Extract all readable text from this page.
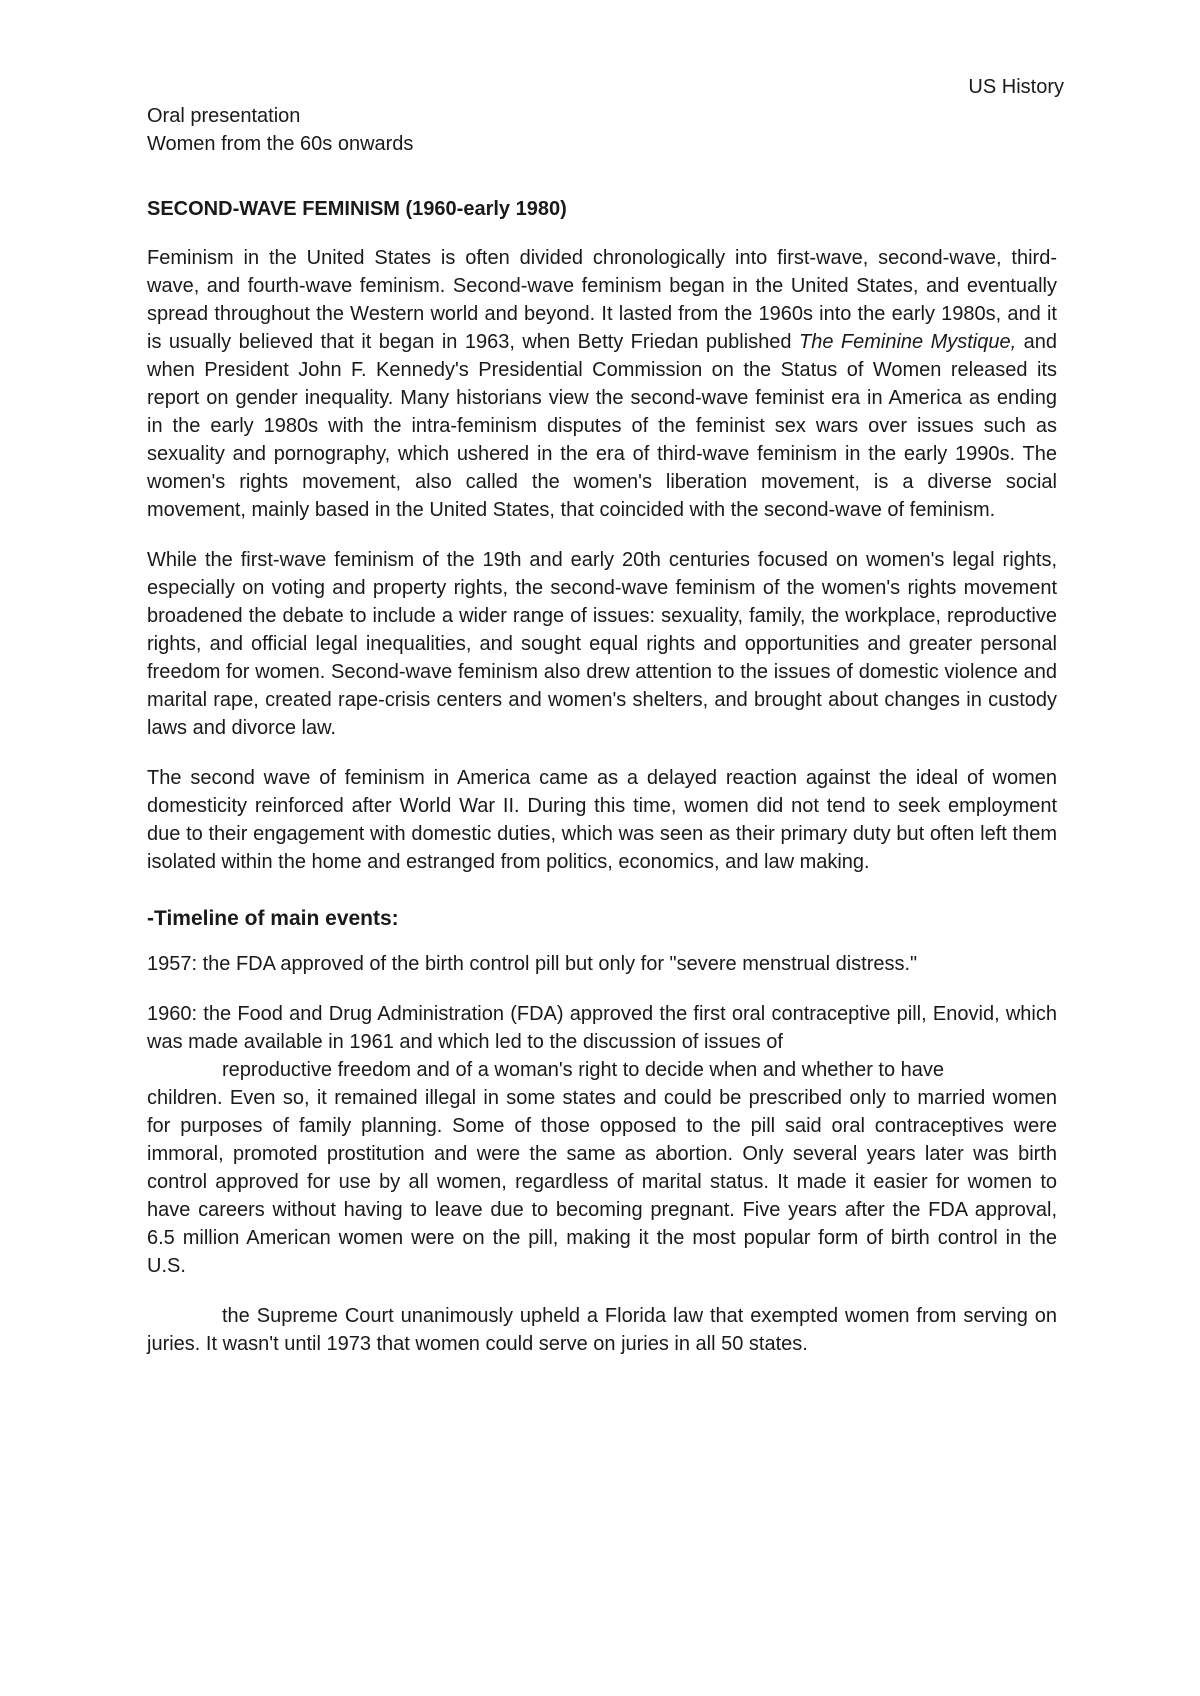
US History

Oral presentation

Women from the 60s onwards

SECOND-WAVE FEMINISM (1960-early 1980)

Feminism in the United States is often divided chronologically into first-wave, second-wave, third-wave, and fourth-wave feminism. Second-wave feminism began in the United States, and eventually spread throughout the Western world and beyond. It lasted from the 1960s into the early 1980s, and it is usually believed that it began in 1963, when Betty Friedan published The Feminine Mystique, and when President John F. Kennedy's Presidential Commission on the Status of Women released its report on gender inequality. Many historians view the second-wave feminist era in America as ending in the early 1980s with the intra-feminism disputes of the feminist sex wars over issues such as sexuality and pornography, which ushered in the era of third-wave feminism in the early 1990s. The women's rights movement, also called the women's liberation movement, is a diverse social movement, mainly based in the United States, that coincided with the second-wave of feminism.

While the first-wave feminism of the 19th and early 20th centuries focused on women's legal rights, especially on voting and property rights, the second-wave feminism of the women's rights movement broadened the debate to include a wider range of issues: sexuality, family, the workplace, reproductive rights, and official legal inequalities, and sought equal rights and opportunities and greater personal freedom for women. Second-wave feminism also drew attention to the issues of domestic violence and marital rape, created rape-crisis centers and women's shelters, and brought about changes in custody laws and divorce law.

The second wave of feminism in America came as a delayed reaction against the ideal of women domesticity reinforced after World War II. During this time, women did not tend to seek employment due to their engagement with domestic duties, which was seen as their primary duty but often left them isolated within the home and estranged from politics, economics, and law making.

-Timeline of main events:

1957: the FDA approved of the birth control pill but only for "severe menstrual distress."

1960: the Food and Drug Administration (FDA) approved the first oral contraceptive pill, Enovid, which was made available in 1961 and which led to the discussion of issues of
reproductive freedom and of a woman's right to decide when and whether to have
children. Even so, it remained illegal in some states and could be prescribed only to married women for purposes of family planning. Some of those opposed to the pill said oral contraceptives were immoral, promoted prostitution and were the same as abortion. Only several years later was birth control approved for use by all women, regardless of marital status. It made it easier for women to have careers without having to leave due to becoming pregnant. Five years after the FDA approval, 6.5 million American women were on the pill, making it the most popular form of birth control in the U.S.

the Supreme Court unanimously upheld a Florida law that exempted women from serving on juries. It wasn't until 1973 that women could serve on juries in all 50 states.
